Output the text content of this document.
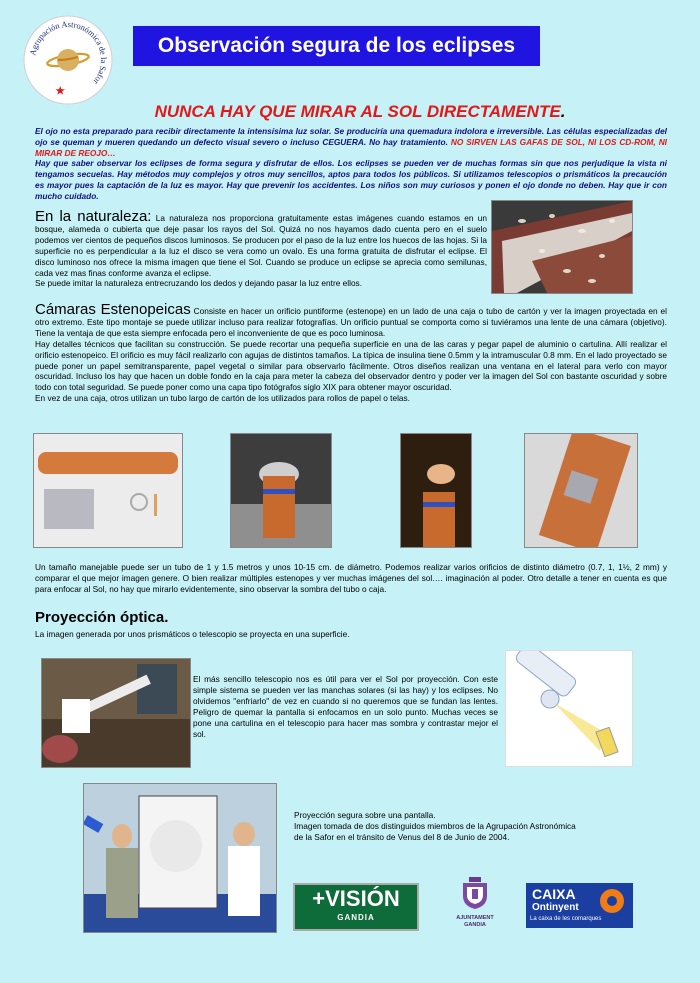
Agrupación Astronómica de la Safor
Observación segura de los eclipses
NUNCA HAY QUE MIRAR AL SOL DIRECTAMENTE.
El ojo no esta preparado para recibir directamente la intensísima luz solar. Se produciría una quemadura indolora e irreversible. Las células especializadas del ojo se queman y mueren quedando un defecto visual severo o incluso CEGUERA. No hay tratamiento. NO SIRVEN LAS GAFAS DE SOL, NI LOS CD-ROM, NI MIRAR DE REOJO…
Hay que saber observar los eclipses de forma segura y disfrutar de ellos. Los eclipses se pueden ver de muchas formas sin que nos perjudique la vista ni tengamos secuelas. Hay métodos muy complejos y otros muy sencillos, aptos para todos los públicos. Si utilizamos telescopios o prismáticos la precaución es mayor pues la captación de la luz es mayor. Hay que prevenir los accidentes. Los niños son muy curiosos y ponen el ojo donde no deben. Hay que ir con mucho cuidado.
En la naturaleza: La naturaleza nos proporciona gratuitamente estas imágenes cuando estamos en un bosque, alameda o cubierta que deje pasar los rayos del Sol. Quizá no nos hayamos dado cuenta pero en el suelo podemos ver cientos de pequeños discos luminosos. Se producen por el paso de la luz entre los huecos de las hojas. Si la superficie no es perpendicular a la luz el disco se vera como un ovalo. Es una forma gratuita de disfrutar el eclipse. El disco luminoso nos ofrece la misma imagen que tiene el Sol. Cuando se produce un eclipse se aprecia como semilunas, cada vez mas finas conforme avanza el eclipse.
Se puede imitar la naturaleza entrecruzando los dedos y dejando pasar la luz entre ellos.
Cámaras Estenopeicas Consiste en hacer un orificio puntiforme (estenope) en un lado de una caja o tubo de cartón y ver la imagen proyectada en el otro extremo. Este tipo montaje se puede utilizar incluso para realizar fotografías. Un orificio puntual se comporta como si tuviéramos una lente de una cámara (objetivo). Tiene la ventaja de que esta siempre enfocada pero el inconveniente de que es poco luminosa.
Hay detalles técnicos que facilitan su construcción. Se puede recortar una pequeña superficie en una de las caras y pegar papel de aluminio o cartulina. Allí realizar el orificio estenopeico. El orificio es muy fácil realizarlo con agujas de distintos tamaños. La típica de insulina tiene 0.5mm y la intramuscular 0.8 mm. En el lado proyectado se puede poner un papel semitransparente, papel vegetal o similar para observarlo fácilmente. Otros diseños realizan una ventana en el lateral para verlo con mayor oscuridad. Incluso los hay que hacen un doble fondo en la caja para meter la cabeza del observador dentro y poder ver la imagen del Sol con bastante oscuridad y sobre todo con total seguridad. Se puede poner como una capa tipo fotógrafos siglo XIX para obtener mayor oscuridad.
En vez de una caja, otros utilizan un tubo largo de cartón de los utilizados para rollos de papel o telas.
Un tamaño manejable puede ser un tubo de 1 y 1.5 metros y unos 10-15 cm. de diámetro. Podemos realizar varios orificios de distinto diámetro (0.7, 1, 1½, 2 mm) y comparar el que mejor imagen genere. O bien realizar múltiples estenopes y ver muchas imágenes del sol…. imaginación al poder. Otro detalle a tener en cuenta es que para enfocar al Sol, no hay que mirarlo evidentemente, sino observar la sombra del tubo o caja.
Proyección óptica.
La imagen generada por unos prismáticos o telescopio se proyecta en una superficie.
El más sencillo telescopio nos es útil para ver el Sol por proyección. Con este simple sistema se pueden ver las manchas solares (si las hay) y los eclipses. No olvidemos "enfriarlo" de vez en cuando si no queremos que se fundan las lentes. Peligro de quemar la pantalla si enfocamos en un solo punto. Muchas veces se pone una cartulina en el telescopio para hacer mas sombra y contrastar mejor el sol.
Proyección segura sobre una pantalla.
Imagen tomada de dos distinguidos miembros de la Agrupación Astronómica
de la Safor en el tránsito de Venus del 8 de Junio de 2004.
+VISIÓN
GANDIA	AJUNTAMENT
GANDIA
CAIXA
Ontinyent
La caixa de les comarques
